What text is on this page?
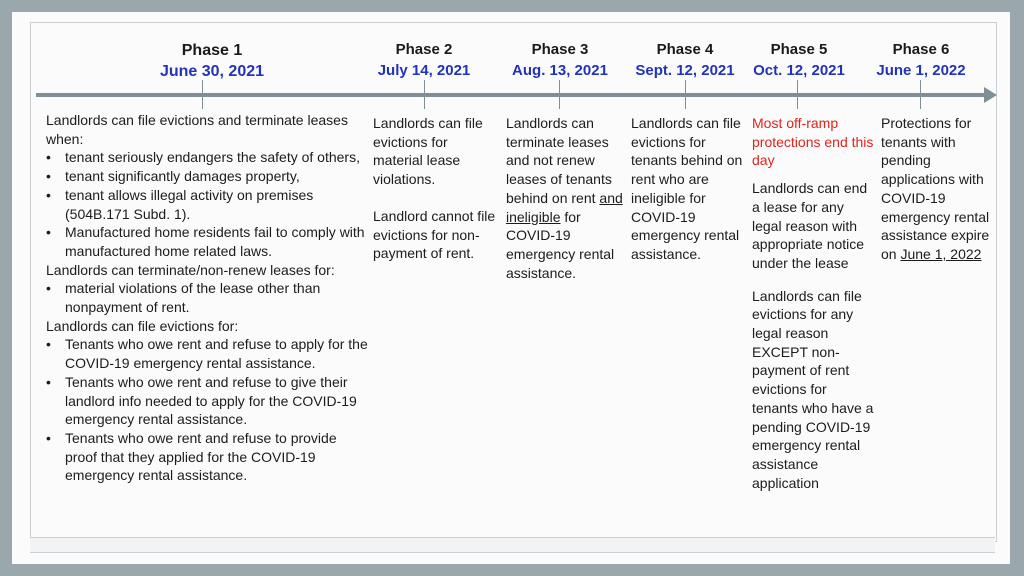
Phase 1
June 30, 2021
Phase 2
July 14, 2021
Phase 3
Aug. 13, 2021
Phase 4
Sept. 12, 2021
Phase 5
Oct. 12, 2021
Phase 6
June 1, 2022

Landlords can file evictions and terminate leases when:

• tenant seriously endangers the safety of others,
• tenant significantly damages property,
• tenant allows illegal activity on premises (504B.171 Subd. 1).
• Manufactured home residents fail to comply with manufactured home related laws.

Landlords can terminate/non-renew leases for:

• material violations of the lease other than nonpayment of rent.

Landlords can file evictions for:

• Tenants who owe rent and refuse to apply for the COVID-19 emergency rental assistance.
• Tenants who owe rent and refuse to give their landlord info needed to apply for the COVID-19 emergency rental assistance.
• Tenants who owe rent and refuse to provide proof that they applied for the COVID-19 emergency rental assistance.

Landlords can file evictions for material lease violations.

Landlord cannot file evictions for non-payment of rent.

Landlords can terminate leases and not renew leases of tenants behind on rent and ineligible for COVID-19 emergency rental assistance.

Landlords can file evictions for tenants behind on rent who are ineligible for COVID-19 emergency rental assistance.

Most off-ramp protections end this day

Landlords can end a lease for any legal reason with appropriate notice under the lease

Landlords can file evictions for any legal reason EXCEPT non-payment of rent evictions for tenants who have a pending COVID-19 emergency rental assistance application

Protections for tenants with pending applications with COVID-19 emergency rental assistance expire on June 1, 2022
